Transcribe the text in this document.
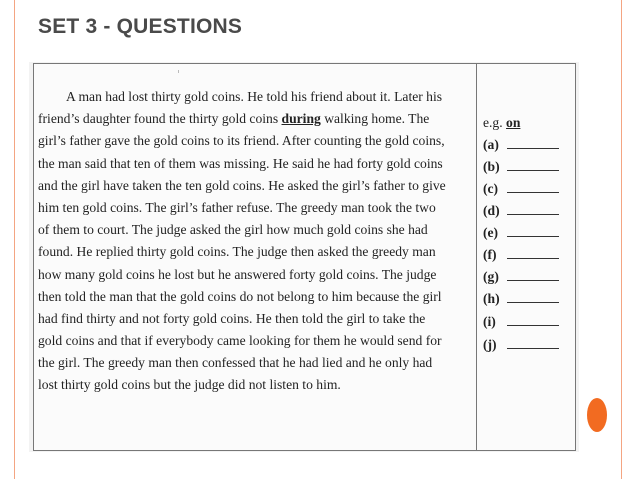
SET 3 - QUESTIONS
A man had lost thirty gold coins. He told his friend about it. Later his
friend’s daughter found the thirty gold coins during walking home. The
girl’s father gave the gold coins to its friend. After counting the gold coins,
the man said that ten of them was missing. He said he had forty gold coins
and the girl have taken the ten gold coins. He asked the girl’s father to give
him ten gold coins. The girl’s father refuse. The greedy man took the two
of them to court. The judge asked the girl how much gold coins she had
found. He replied thirty gold coins. The judge then asked the greedy man
how many gold coins he lost but he answered forty gold coins. The judge
then told the man that the gold coins do not belong to him because the girl
had find thirty and not forty gold coins. He then told the girl to take the
gold coins and that if everybody came looking for them he would send for
the girl. The greedy man then confessed that he had lied and he only had
lost thirty gold coins but the judge did not listen to him.
e.g. on
(a)
(b)
(c)
(d)
(e)
(f)
(g)
(h)
(i)
(j)
